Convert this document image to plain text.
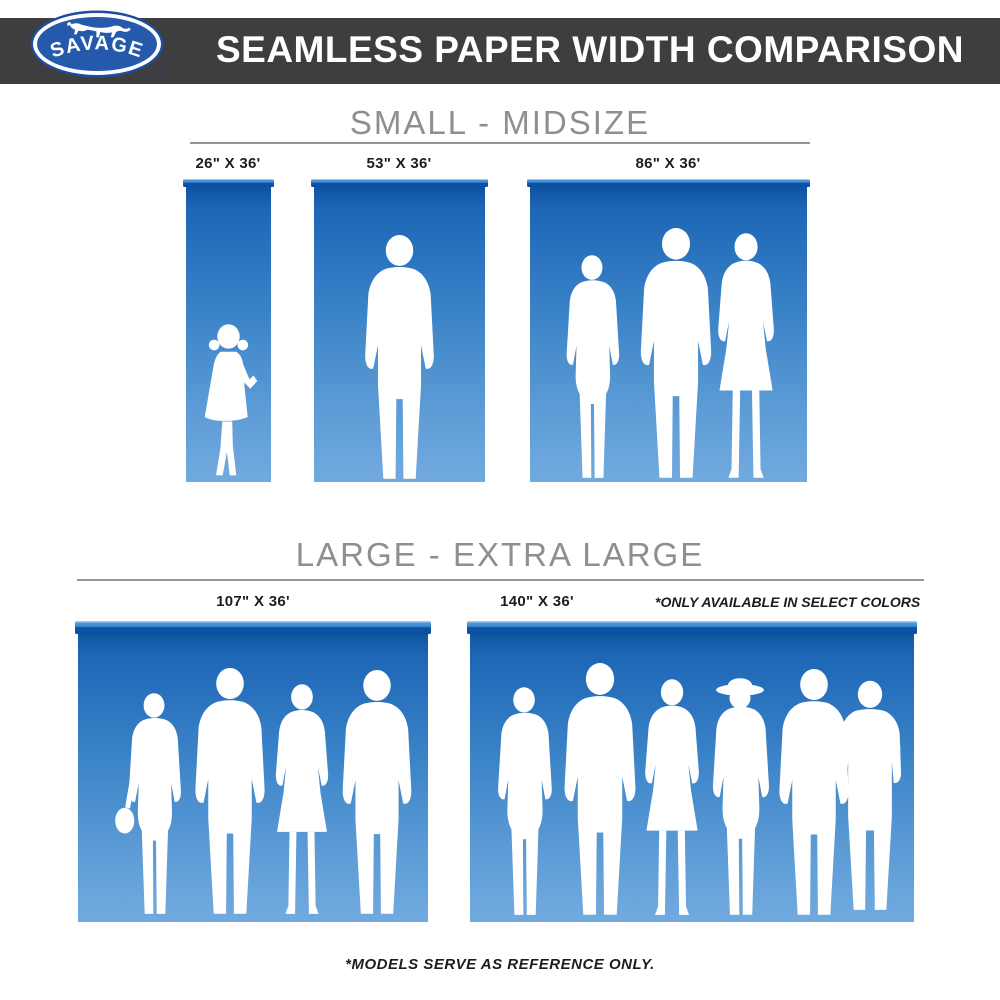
SAVAGE
®
SEAMLESS PAPER WIDTH COMPARISON
SMALL - MIDSIZE
26" X 36'	53" X 36'	86" X 36'
LARGE - EXTRA LARGE
107" X 36'	140" X 36'	*ONLY AVAILABLE IN SELECT COLORS
*MODELS SERVE AS REFERENCE ONLY.
